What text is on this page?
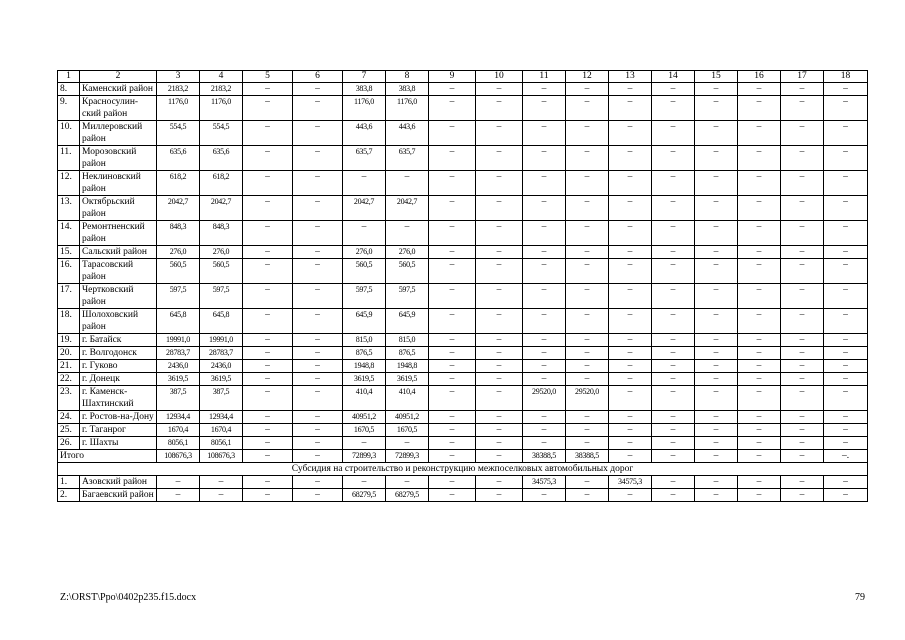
1	2	3	4	5	6	7	8	9	10	11	12	13	14	15	16	17	18
8.	Каменский район	2183,2	2183,2	–	–	383,8	383,8	–	–	–	–	–	–	–	–	–	–
9.	Красносулин-ский район	1176,0	1176,0	–	–	1176,0	1176,0	–	–	–	–	–	–	–	–	–	–
10.	Миллеровский район	554,5	554,5	–	–	443,6	443,6	–	–	–	–	–	–	–	–	–	–
11.	Морозовский район	635,6	635,6	–	–	635,7	635,7	–	–	–	–	–	–	–	–	–	–
12.	Неклиновский район	618,2	618,2	–	–	–	–	–	–	–	–	–	–	–	–	–	–
13.	Октябрьский район	2042,7	2042,7	–	–	2042,7	2042,7	–	–	–	–	–	–	–	–	–	–
14.	Ремонтненский район	848,3	848,3	–	–	–	–	–	–	–	–	–	–	–	–	–	–
15.	Сальский район	276,0	276,0	–	–	276,0	276,0	–	–	–	–	–	–	–	–	–	–
16.	Тарасовский район	560,5	560,5	–	–	560,5	560,5	–	–	–	–	–	–	–	–	–	–
17.	Чертковский район	597,5	597,5	–	–	597,5	597,5	–	–	–	–	–	–	–	–	–	–
18.	Шолоховский район	645,8	645,8	–	–	645,9	645,9	–	–	–	–	–	–	–	–	–	–
19.	г. Батайск	19991,0	19991,0	–	–	815,0	815,0	–	–	–	–	–	–	–	–	–	–
20.	г. Волгодонск	28783,7	28783,7	–	–	876,5	876,5	–	–	–	–	–	–	–	–	–	–
21.	г. Гуково	2436,0	2436,0	–	–	1948,8	1948,8	–	–	–	–	–	–	–	–	–	–
22.	г. Донецк	3619,5	3619,5	–	–	3619,5	3619,5	–	–	–	–	–	–	–	–	–	–
23.	г. Каменск-Шахтинский	387,5	387,5	–	–	410,4	410,4	–	–	29520,0	29520,0	–	–	–	–	–	–
24.	г. Ростов-на-Дону	12934,4	12934,4	–	–	40951,2	40951,2	–	–	–	–	–	–	–	–	–	–
25.	г. Таганрог	1670,4	1670,4	–	–	1670,5	1670,5	–	–	–	–	–	–	–	–	–	–
26.	г. Шахты	8056,1	8056,1	–	–	–	–	–	–	–	–	–	–	–	–	–	–
Итого		108676,3	108676,3	–	–	72899,3	72899,3	–	–	38388,5	38388,5	–	–	–	–	–	–.
Субсидия на строительство и реконструкцию межпоселковых автомобильных дорог																	
1.	Азовский район	–	–	–	–	–	–	–	–	34575,3	–	34575,3	–	–	–	–	–
2.	Багаевский район	–	–	–	–	68279,5	68279,5	–	–	–	–	–	–	–	–	–	–
Z:\ORST\Ppo\0402p235.f15.docx	79
